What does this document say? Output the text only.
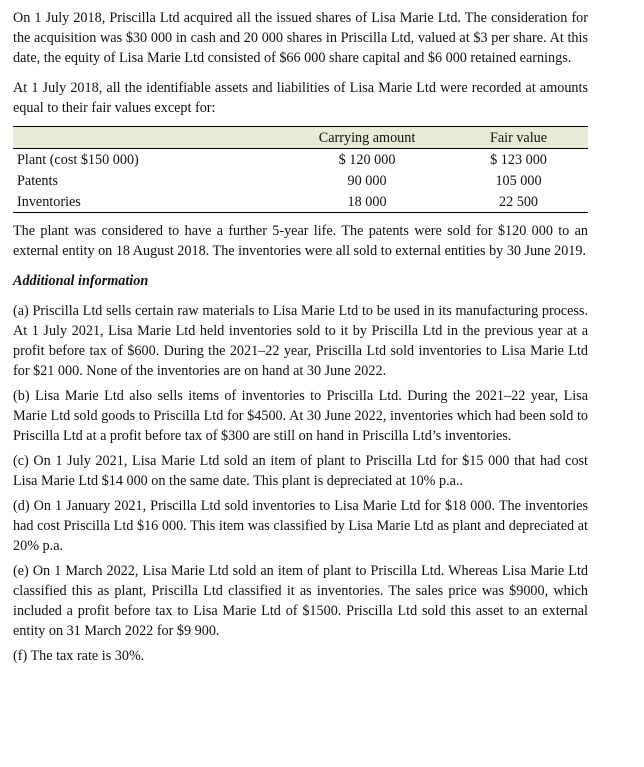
On 1 July 2018, Priscilla Ltd acquired all the issued shares of Lisa Marie Ltd. The consideration for the acquisition was $30 000 in cash and 20 000 shares in Priscilla Ltd, valued at $3 per share. At this date, the equity of Lisa Marie Ltd consisted of $66 000 share capital and $6 000 retained earnings.

At 1 July 2018, all the identifiable assets and liabilities of Lisa Marie Ltd were recorded at amounts equal to their fair values except for:

	Carrying amount	Fair value
Plant (cost $150 000)	$ 120 000	$ 123 000
Patents	90 000	105 000
Inventories	18 000	22 500

The plant was considered to have a further 5-year life. The patents were sold for $120 000 to an external entity on 18 August 2018. The inventories were all sold to external entities by 30 June 2019.

Additional information

(a) Priscilla Ltd sells certain raw materials to Lisa Marie Ltd to be used in its manufacturing process. At 1 July 2021, Lisa Marie Ltd held inventories sold to it by Priscilla Ltd in the previous year at a profit before tax of $600. During the 2021–22 year, Priscilla Ltd sold inventories to Lisa Marie Ltd for $21 000. None of the inventories are on hand at 30 June 2022.

(b) Lisa Marie Ltd also sells items of inventories to Priscilla Ltd. During the 2021–22 year, Lisa Marie Ltd sold goods to Priscilla Ltd for $4500. At 30 June 2022, inventories which had been sold to Priscilla Ltd at a profit before tax of $300 are still on hand in Priscilla Ltd’s inventories.

(c) On 1 July 2021, Lisa Marie Ltd sold an item of plant to Priscilla Ltd for $15 000 that had cost Lisa Marie Ltd $14 000 on the same date. This plant is depreciated at 10% p.a..

(d) On 1 January 2021, Priscilla Ltd sold inventories to Lisa Marie Ltd for $18 000. The inventories had cost Priscilla Ltd $16 000. This item was classified by Lisa Marie Ltd as plant and depreciated at 20% p.a.

(e) On 1 March 2022, Lisa Marie Ltd sold an item of plant to Priscilla Ltd. Whereas Lisa Marie Ltd classified this as plant, Priscilla Ltd classified it as inventories. The sales price was $9000, which included a profit before tax to Lisa Marie Ltd of $1500. Priscilla Ltd sold this asset to an external entity on 31 March 2022 for $9 900.

(f) The tax rate is 30%.
